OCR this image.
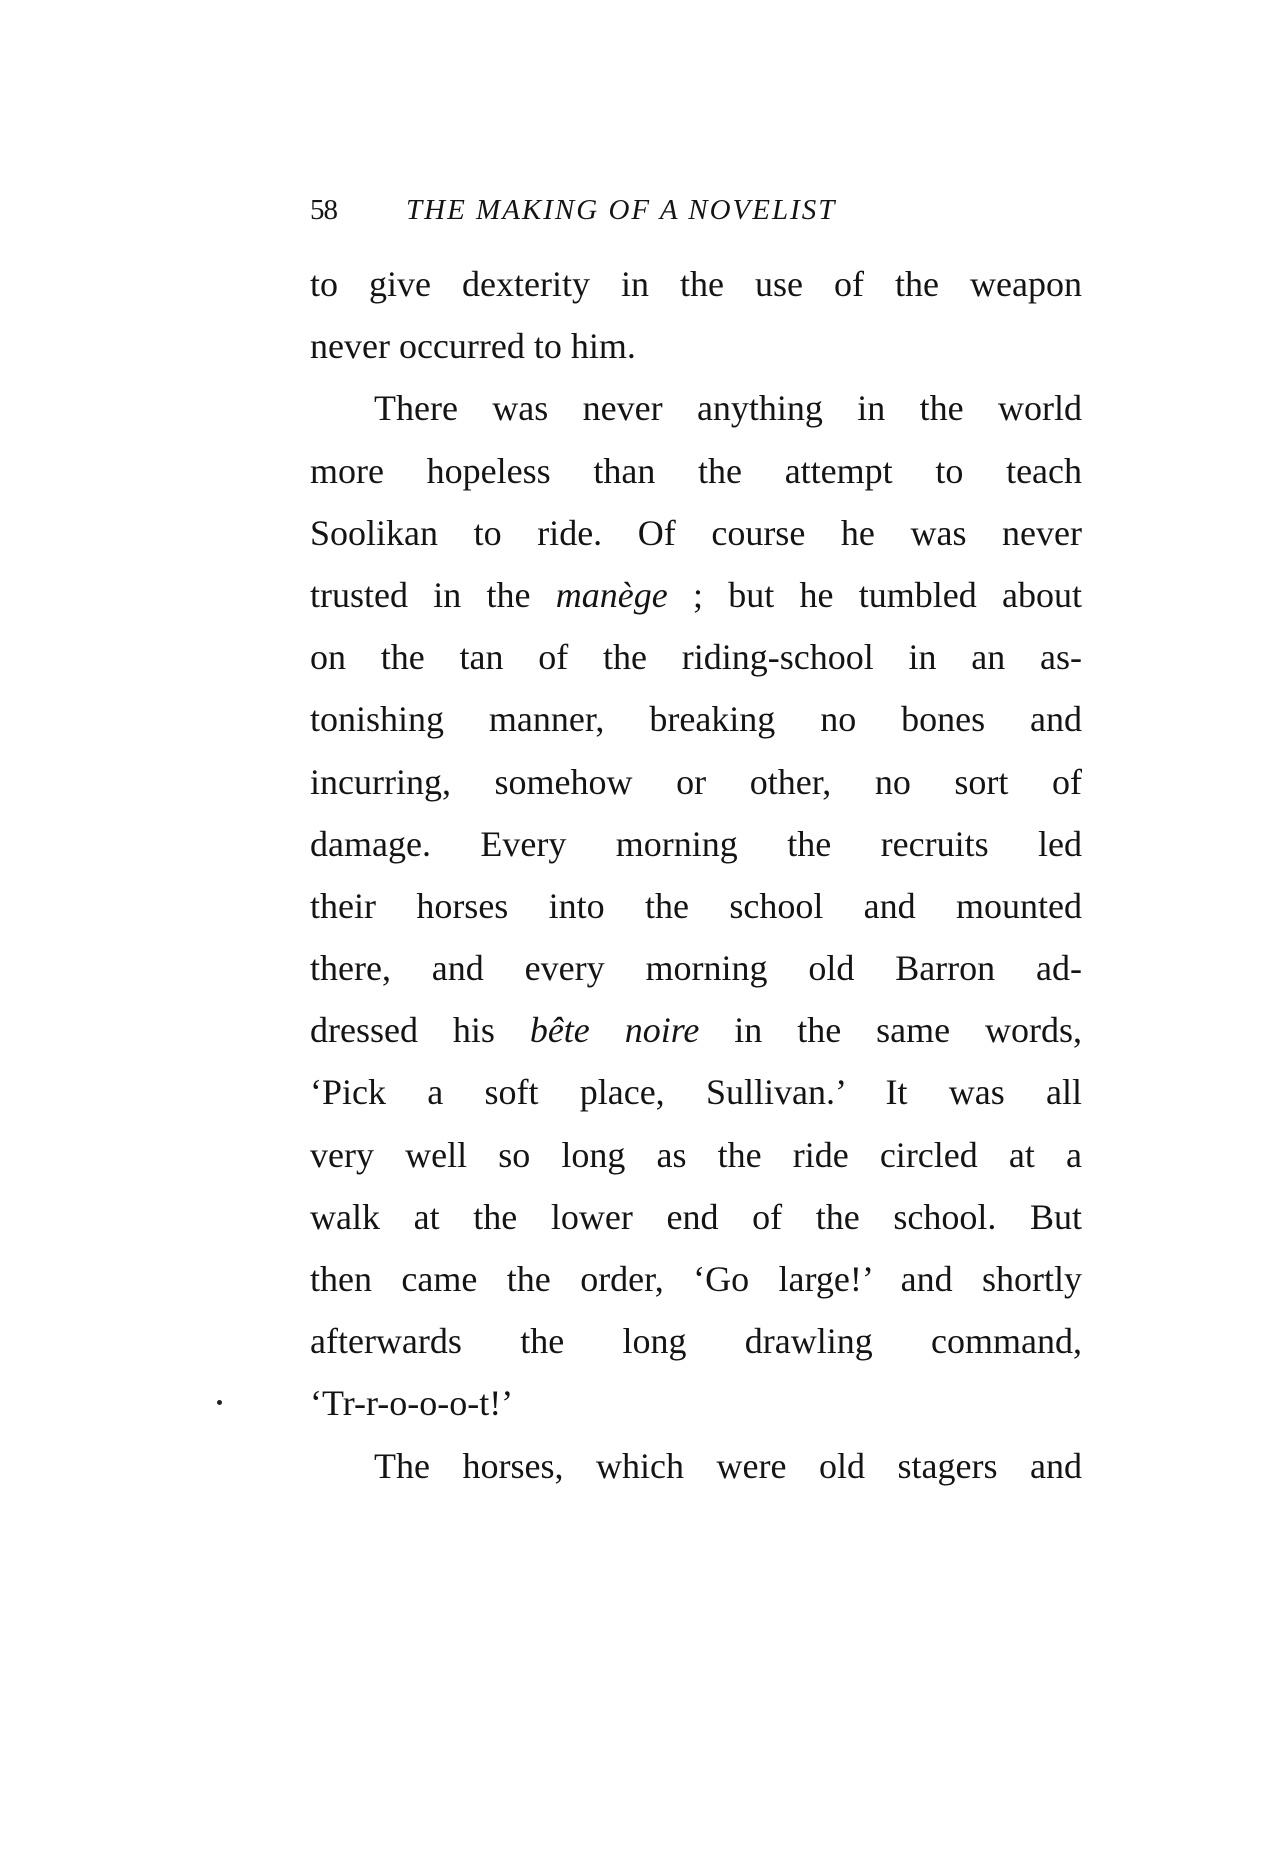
58 THE MAKING OF A NOVELIST
to give dexterity in the use of the weapon
never occurred to him.
There was never anything in the world
more hopeless than the attempt to teach
Soolikan to ride. Of course he was never
trusted in the manège ; but he tumbled about
on the tan of the riding-school in an as-
tonishing manner, breaking no bones and
incurring, somehow or other, no sort of
damage. Every morning the recruits led
their horses into the school and mounted
there, and every morning old Barron ad-
dressed his bête noire in the same words,
‘Pick a soft place, Sullivan.’ It was all
very well so long as the ride circled at a
walk at the lower end of the school. But
then came the order, ‘Go large!’ and shortly
afterwards the long drawling command,
‘Tr-r-o-o-o-t!’
The horses, which were old stagers and
